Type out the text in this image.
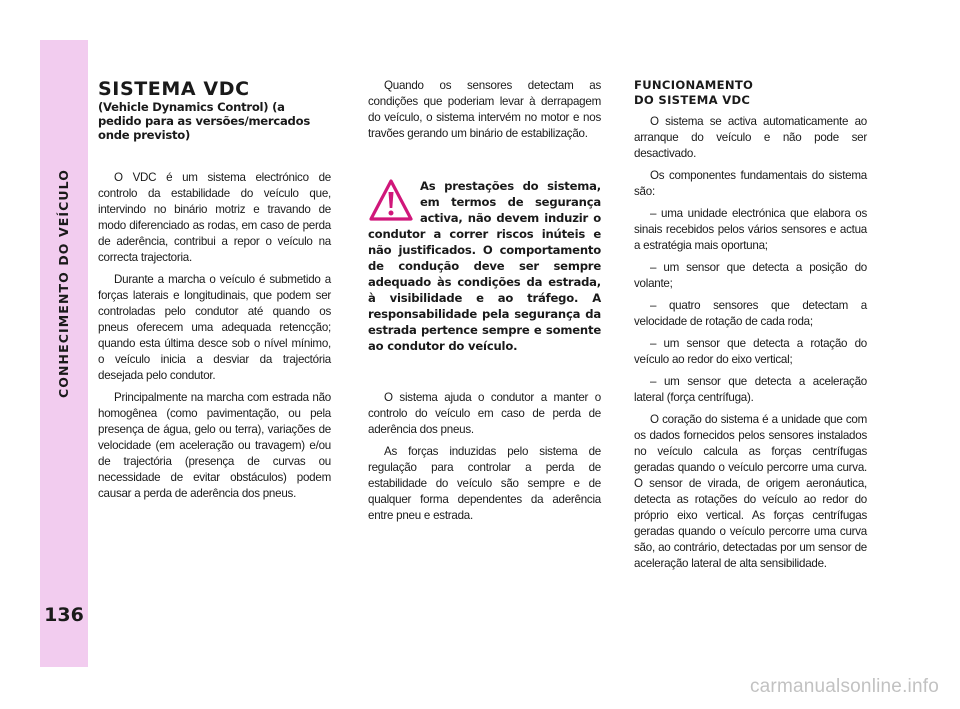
CONHECIMENTO DO VEÍCULO
136
SISTEMA VDC
(Vehicle Dynamics Control) (a pedido para as versões/mercados onde previsto)

O VDC é um sistema electrónico de controlo da estabilidade do veículo que, intervindo no binário motriz e travando de modo diferenciado as rodas, em caso de perda de aderência, contribui a repor o veículo na correcta trajectoria.

Durante a marcha o veículo é submetido a forças laterais e longitudinais, que podem ser controladas pelo condutor até quando os pneus oferecem uma adequada retencção; quando esta última desce sob o nível mínimo, o veículo inicia a desviar da trajectória desejada pelo condutor.

Principalmente na marcha com estrada não homogênea (como pavimentação, ou pela presença de água, gelo ou terra), variações de velocidade (em aceleração ou travagem) e/ou de trajectória (presença de curvas ou necessidade de evitar obstáculos) podem causar a perda de aderência dos pneus.

Quando os sensores detectam as condições que poderiam levar à derrapagem do veículo, o sistema intervém no motor e nos travões gerando um binário de estabilização.

As prestações do sistema, em termos de segurança activa, não devem induzir o condutor a correr riscos inúteis e não justificados. O comportamento de condução deve ser sempre adequado às condições da estrada, à visibilidade e ao tráfego. A responsabilidade pela segurança da estrada pertence sempre e somente ao condutor do veículo.

O sistema ajuda o condutor a manter o controlo do veículo em caso de perda de aderência dos pneus.

As forças induzidas pelo sistema de regulação para controlar a perda de estabilidade do veículo são sempre e de qualquer forma dependentes da aderência entre pneu e estrada.

FUNCIONAMENTO
DO SISTEMA VDC

O sistema se activa automaticamente ao arranque do veículo e não pode ser desactivado.

Os componentes fundamentais do sistema são:

– uma unidade electrónica que elabora os sinais recebidos pelos vários sensores e actua a estratégia mais oportuna;

– um sensor que detecta a posição do volante;

– quatro sensores que detectam a velocidade de rotação de cada roda;

– um sensor que detecta a rotação do veículo ao redor do eixo vertical;

– um sensor que detecta a aceleração lateral (força centrífuga).

O coração do sistema é a unidade que com os dados fornecidos pelos sensores instalados no veículo calcula as forças centrífugas geradas quando o veículo percorre uma curva. O sensor de virada, de origem aeronáutica, detecta as rotações do veículo ao redor do próprio eixo vertical. As forças centrífugas geradas quando o veículo percorre uma curva são, ao contrário, detectadas por um sensor de aceleração lateral de alta sensibilidade.

carmanualsonline.info
